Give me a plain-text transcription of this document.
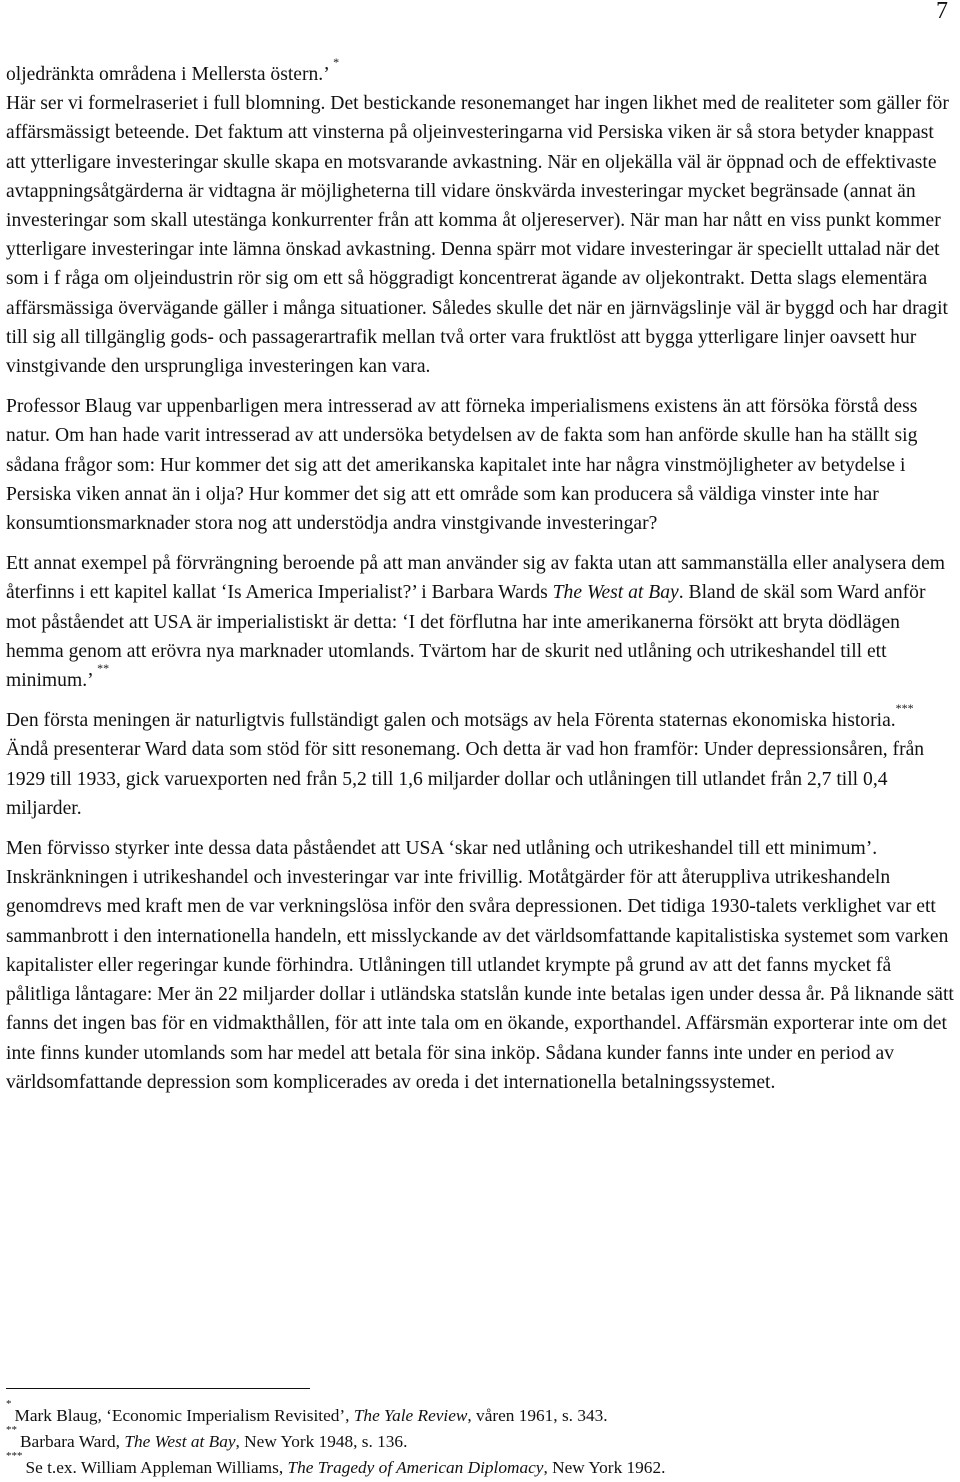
7

oljedränkta områdena i Mellersta östern.’ *
Här ser vi formelraseriet i full blomning. Det bestickande resonemanget har ingen likhet med de realiteter som gäller för affärsmässigt beteende. Det faktum att vinsterna på oljeinvesteringarna vid Persiska viken är så stora betyder knappast att ytterligare investeringar skulle skapa en motsvarande avkastning. När en oljekälla väl är öppnad och de effektivaste avtappningsåtgärderna är vidtagna är möjligheterna till vidare önskvärda investeringar mycket begränsade (annat än investeringar som skall utestänga konkurrenter från att komma åt oljereserver). När man har nått en viss punkt kommer ytterligare investeringar inte lämna önskad avkastning. Denna spärr mot vidare investeringar är speciellt uttalad när det som i f råga om oljeindustrin rör sig om ett så höggradigt koncentrerat ägande av oljekontrakt. Detta slags elementära affärsmässiga övervägande gäller i många situationer. Således skulle det när en järnvägslinje väl är byggd och har dragit till sig all tillgänglig gods- och passagerartrafik mellan två orter vara fruktlöst att bygga ytterligare linjer oavsett hur vinstgivande den ursprungliga investeringen kan vara.

Professor Blaug var uppenbarligen mera intresserad av att förneka imperialismens existens än att försöka förstå dess natur. Om han hade varit intresserad av att undersöka betydelsen av de fakta som han anförde skulle han ha ställt sig sådana frågor som: Hur kommer det sig att det amerikanska kapitalet inte har några vinstmöjligheter av betydelse i Persiska viken annat än i olja? Hur kommer det sig att ett område som kan producera så väldiga vinster inte har konsumtionsmarknader stora nog att understödja andra vinstgivande investeringar?

Ett annat exempel på förvrängning beroende på att man använder sig av fakta utan att sammanställa eller analysera dem återfinns i ett kapitel kallat ‘Is America Imperialist?’ i Barbara Wards The West at Bay. Bland de skäl som Ward anför mot påståendet att USA är imperialistiskt är detta: ‘I det förflutna har inte amerikanerna försökt att bryta dödlägen hemma genom att erövra nya marknader utomlands. Tvärtom har de skurit ned utlåning och utrikeshandel till ett minimum.’ **

Den första meningen är naturligtvis fullständigt galen och motsägs av hela Förenta staternas ekonomiska historia.*** Ändå presenterar Ward data som stöd för sitt resonemang. Och detta är vad hon framför: Under depressionsåren, från 1929 till 1933, gick varuexporten ned från 5,2 till 1,6 miljarder dollar och utlåningen till utlandet från 2,7 till 0,4 miljarder.

Men förvisso styrker inte dessa data påståendet att USA ‘skar ned utlåning och utrikeshandel till ett minimum’. Inskränkningen i utrikeshandel och investeringar var inte frivillig. Motåtgärder för att återuppliva utrikeshandeln genomdrevs med kraft men de var verkningslösa inför den svåra depressionen. Det tidiga 1930-talets verklighet var ett sammanbrott i den internationella handeln, ett misslyckande av det världsomfattande kapitalistiska systemet som varken kapitalister eller regeringar kunde förhindra. Utlåningen till utlandet krympte på grund av att det fanns mycket få pålitliga låntagare: Mer än 22 miljarder dollar i utländska statslån kunde inte betalas igen under dessa år. På liknande sätt fanns det ingen bas för en vidmakthållen, för att inte tala om en ökande, exporthandel. Affärsmän exporterar inte om det inte finns kunder utomlands som har medel att betala för sina inköp. Sådana kunder fanns inte under en period av världsomfattande depression som komplicerades av oreda i det internationella betalningssystemet.

*Mark Blaug, ‘Economic Imperialism Revisited’, The Yale Review, våren 1961, s. 343.

**Barbara Ward, The West at Bay, New York 1948, s. 136.

***Se t.ex. William Appleman Williams, The Tragedy of American Diplomacy, New York 1962.
